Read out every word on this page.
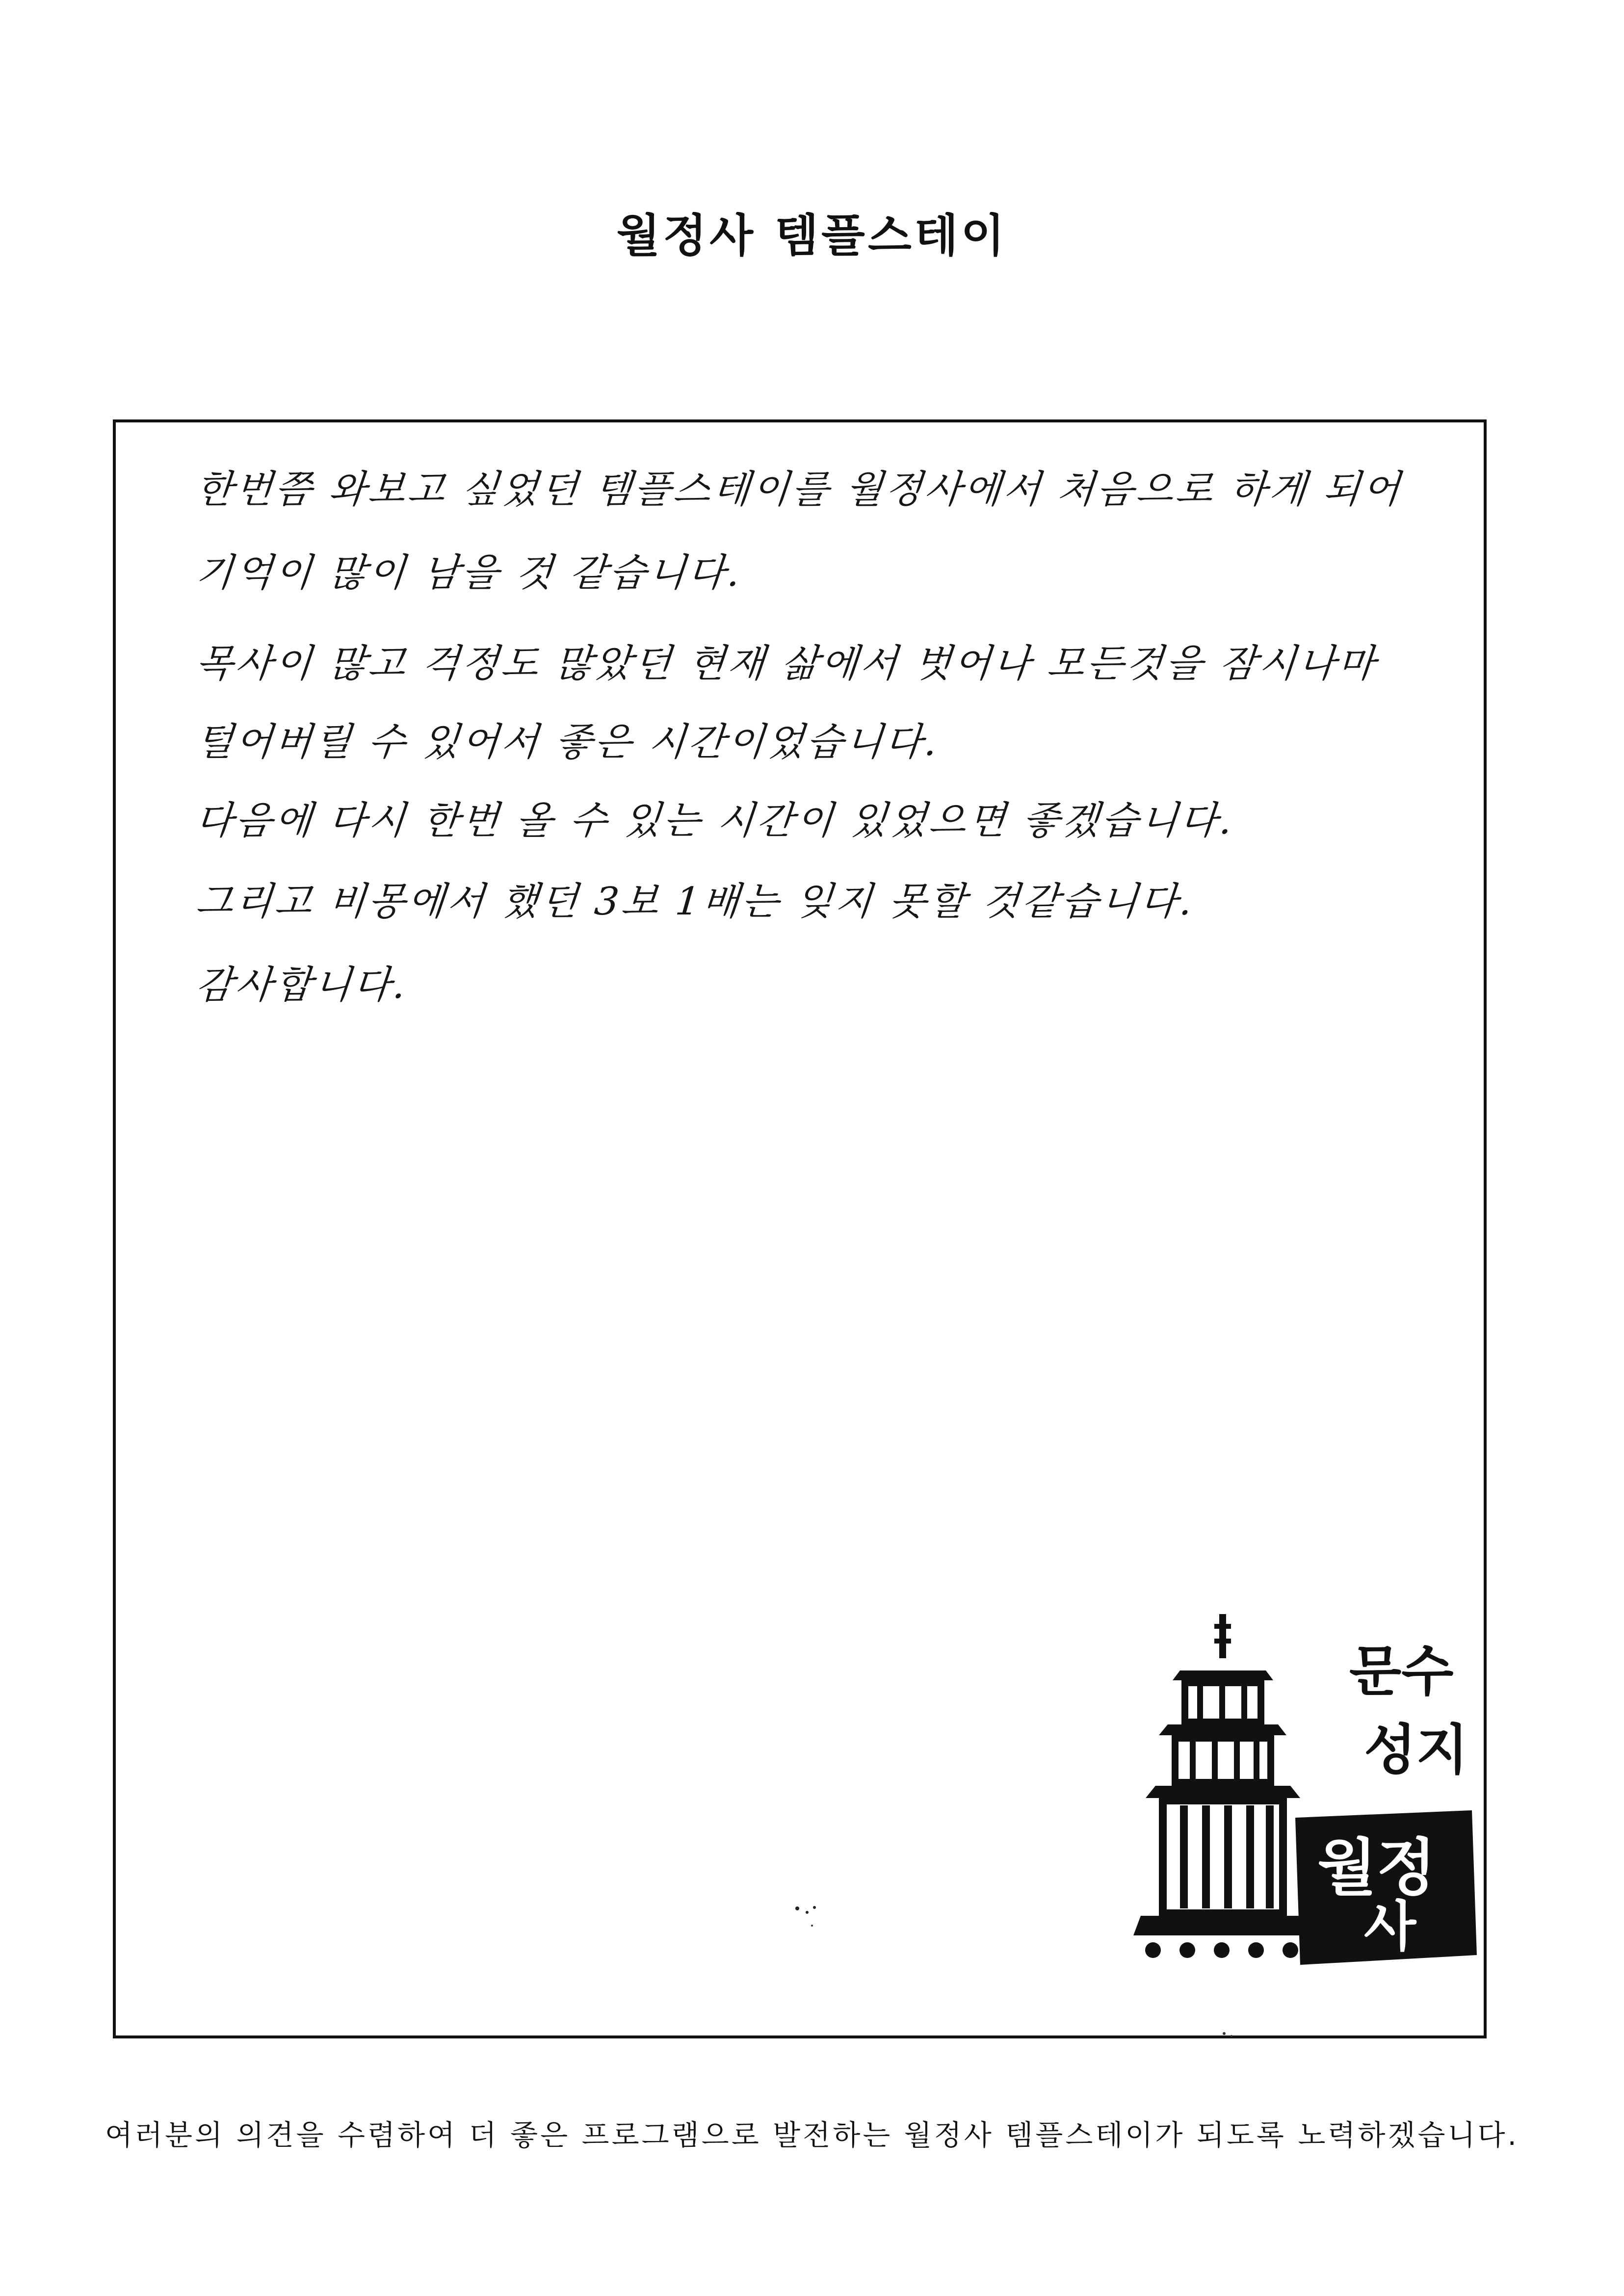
월정사 템플스테이
한번쯤 와보고 싶었던 템플스테이를 월정사에서 처음으로 하게 되어
기억이 많이 남을 것 같습니다.
목사이 많고 걱정도 많았던 현재 삶에서 벗어나 모든것을 잠시나마
털어버릴 수 있어서 좋은 시간이었습니다.
다음에 다시 한번 올 수 있는 시간이 있었으면 좋겠습니다.
그리고 비몽에서 했던 3보 1배는 잊지 못할 것같습니다.
감사합니다.
문수
성지
월정
사
여러분의 의견을 수렴하여 더 좋은 프로그램으로 발전하는 월정사 템플스테이가 되도록 노력하겠습니다.
